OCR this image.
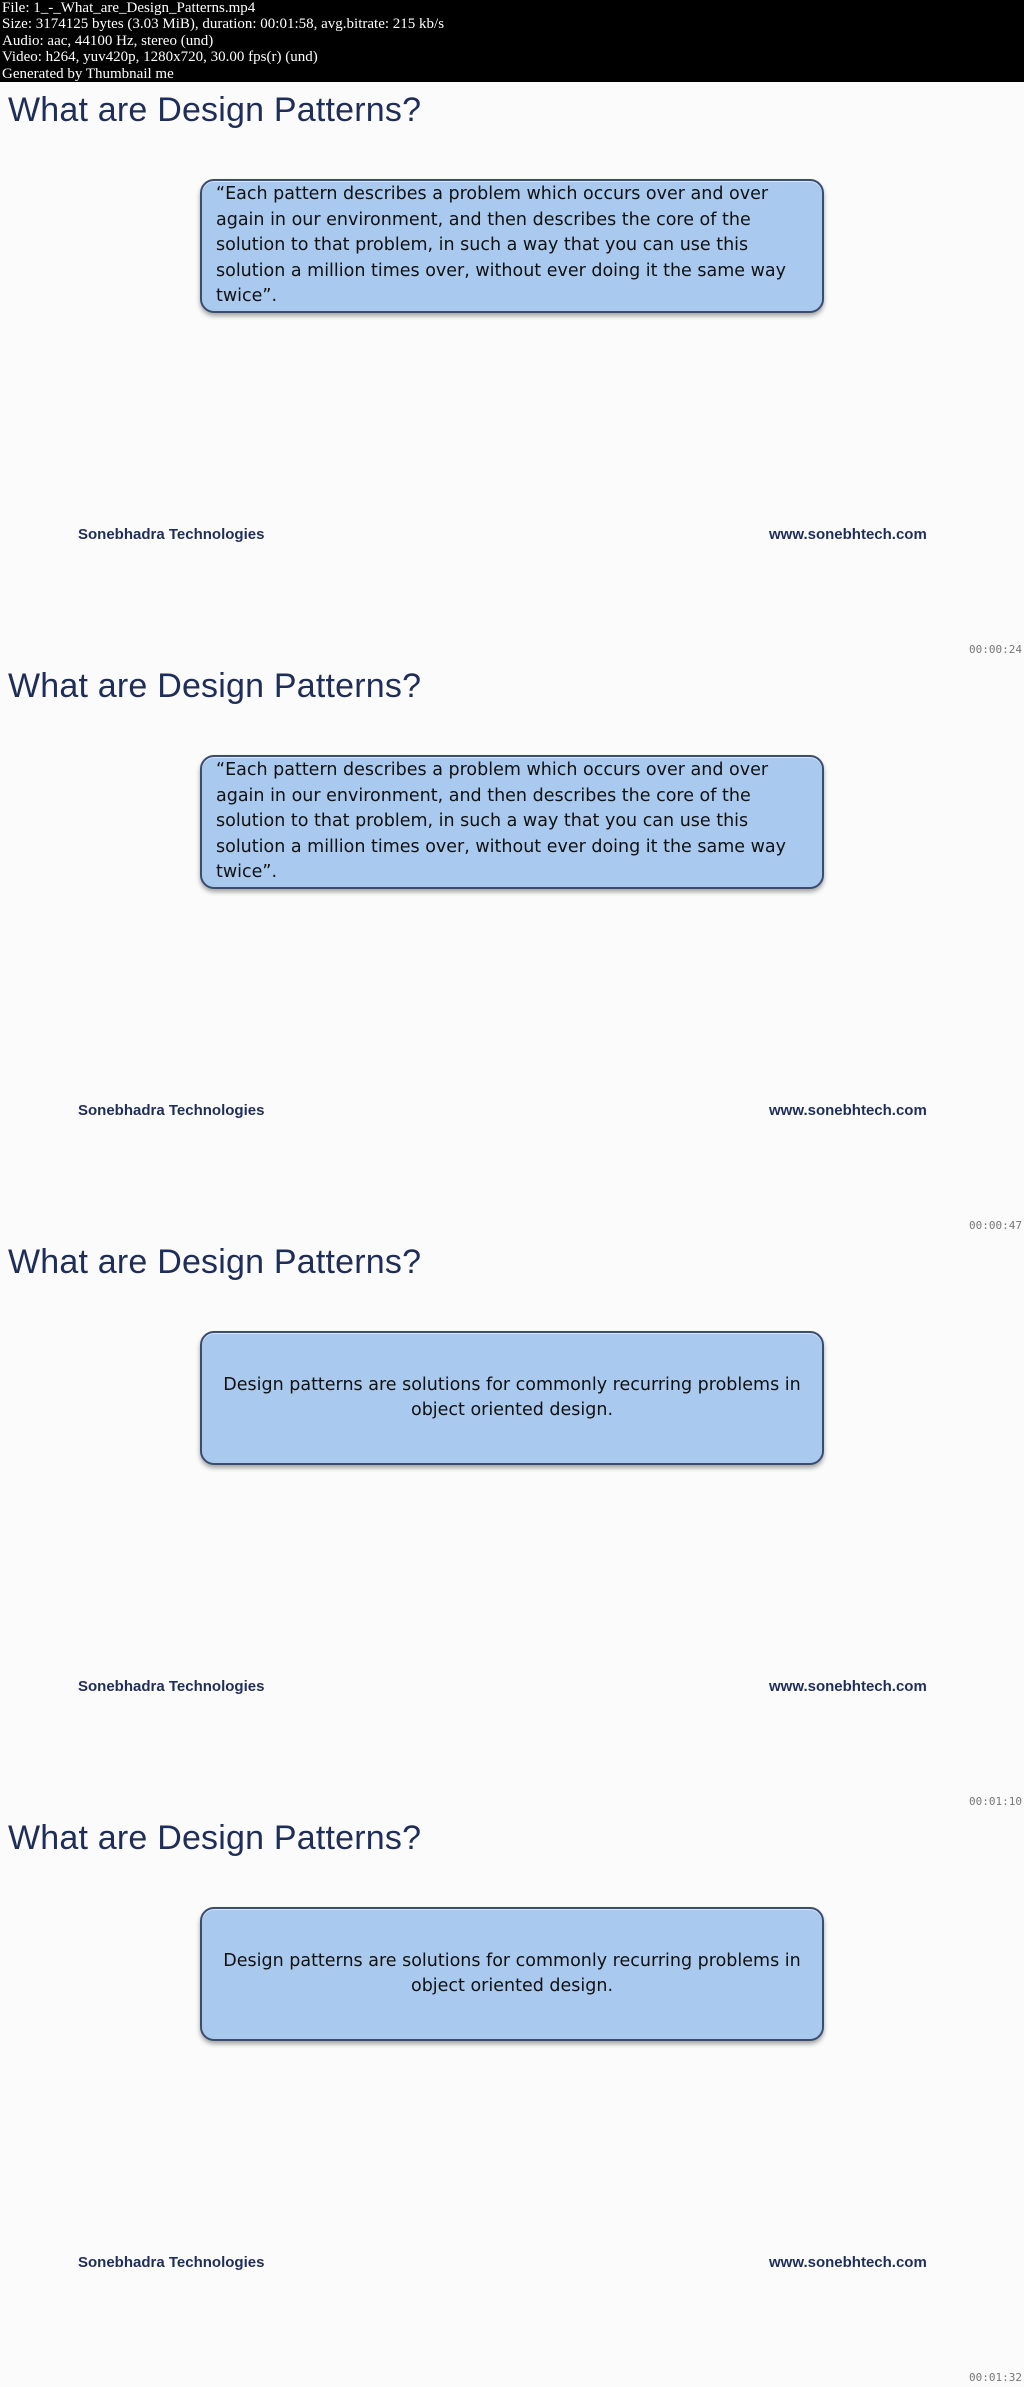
File: 1_-_What_are_Design_Patterns.mp4
Size: 3174125 bytes (3.03 MiB), duration: 00:01:58, avg.bitrate: 215 kb/s
Audio: aac, 44100 Hz, stereo (und)
Video: h264, yuv420p, 1280x720, 30.00 fps(r) (und)
Generated by Thumbnail me
What are Design Patterns?
“Each pattern describes a problem which occurs over and over again in our environment, and then describes the core of the solution to that problem, in such a way that you can use this solution a million times over, without ever doing it the same way twice”.
Sonebhadra Technologies	www.sonebhtech.com
00:00:24
What are Design Patterns?
“Each pattern describes a problem which occurs over and over again in our environment, and then describes the core of the solution to that problem, in such a way that you can use this solution a million times over, without ever doing it the same way twice”.
Sonebhadra Technologies	www.sonebhtech.com
00:00:47
What are Design Patterns?
Design patterns are solutions for commonly recurring problems in object oriented design.
Sonebhadra Technologies	www.sonebhtech.com
00:01:10
What are Design Patterns?
Design patterns are solutions for commonly recurring problems in object oriented design.
Sonebhadra Technologies	www.sonebhtech.com
00:01:32
